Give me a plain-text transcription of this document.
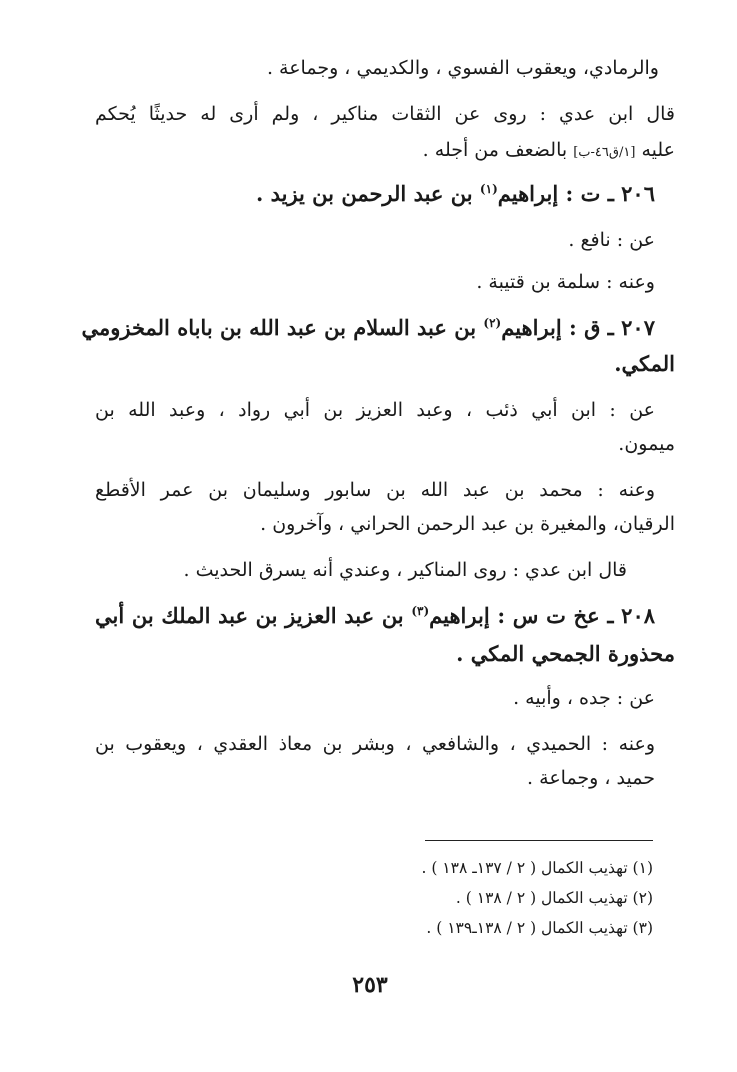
والرمادي، ويعقوب الفسوي ، والكديمي ، وجماعة .
قال ابن عدي : روى عن الثقات مناكير ، ولم أرى له حديثًا يُحكم
عليه [١/ق٤٦-ب] بالضعف من أجله .
٢٠٦ ـ ت : إبراهيم$^{(١)}$ بن عبد الرحمن بن يزيد .
عن : نافع .
وعنه : سلمة بن قتيبة .
٢٠٧ ـ ق : إبراهيم$^{(٢)}$ بن عبد السلام بن عبد الله بن باباه المخزومي
المكي.
عن : ابن أبي ذئب ، وعبد العزيز بن أبي رواد ، وعبد الله بن
ميمون.
وعنه : محمد بن عبد الله بن سابور وسليمان بن عمر الأقطع
الرقيان، والمغيرة بن عبد الرحمن الحراني ، وآخرون .
قال ابن عدي : روى المناكير ، وعندي أنه يسرق الحديث .
٢٠٨ ـ عخ ت س : إبراهيم$^{(٣)}$ بن عبد العزيز بن عبد الملك بن أبي
محذورة الجمحي المكي .
عن : جده ، وأبيه .
وعنه : الحميدي ، والشافعي ، وبشر بن معاذ العقدي ، ويعقوب بن
حميد ، وجماعة .
(١) تهذيب الكمال ( ٢ / ١٣٧ـ ١٣٨ ) .
(٢) تهذيب الكمال ( ٢ / ١٣٨ ) .
(٣) تهذيب الكمال ( ٢ / ١٣٨ـ١٣٩ ) .
٢٥٣
